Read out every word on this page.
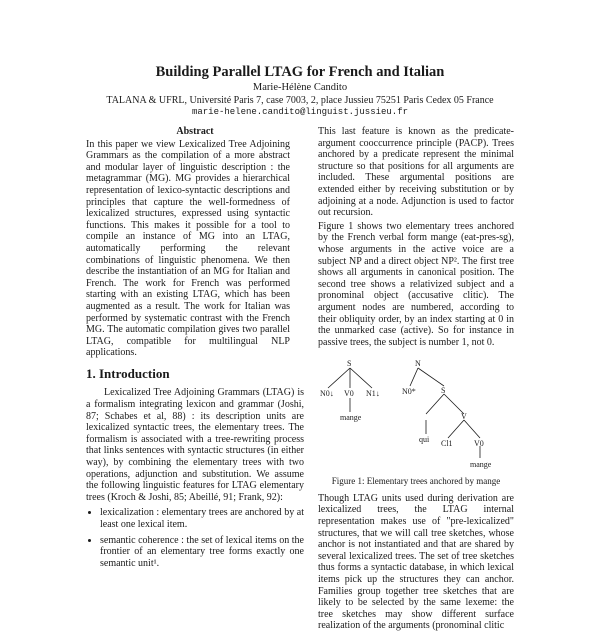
Building Parallel LTAG for French and Italian
Marie-Hélène Candito
TALANA & UFRL, Université Paris 7, case 7003, 2, place Jussieu 75251 Paris Cedex 05 France
marie-helene.candito@linguist.jussieu.fr
Abstract

In this paper we view Lexicalized Tree Adjoining Grammars as the compilation of a more abstract and modular layer of linguistic description : the metagrammar (MG). MG provides a hierarchical representation of lexico-syntactic descriptions and principles that capture the well-formedness of lexicalized structures, expressed using syntactic functions. This makes it possible for a tool to compile an instance of MG into an LTAG, automatically performing the relevant combinations of linguistic phenomena. We then describe the instantiation of an MG for Italian and French. The work for French was performed starting with an existing LTAG, which has been augmented as a result. The work for Italian was performed by systematic contrast with the French MG. The automatic compilation gives two parallel LTAG, compatible for multilingual NLP applications.

1. Introduction

Lexicalized Tree Adjoining Grammars (LTAG) is a formalism integrating lexicon and grammar (Joshi, 87; Schabes et al, 88) : its description units are lexicalized syntactic trees, the elementary trees. The formalism is associated with a tree-rewriting process that links sentences with syntactic structures (in either way), by combining the elementary trees with two operations, adjunction and substitution. We assume the following linguistic features for LTAG elementary trees (Kroch & Joshi, 85; Abeillé, 91; Frank, 92):

• lexicalization : elementary trees are anchored by at least one lexical item.
• semantic coherence : the set of lexical items on the frontier of an elementary tree forms exactly one semantic unit¹.

This last feature is known as the predicate-argument cooccurrence principle (PACP). Trees anchored by a predicate represent the minimal structure so that positions for all arguments are included. These argumental positions are extended either by receiving substitution or by adjoining at a node. Adjunction is used to factor out recursion.

Figure 1 shows two elementary trees anchored by the French verbal form mange (eat-pres-sg), whose arguments in the active voice are a subject NP and a direct object NP². The first tree shows all arguments in canonical position. The second tree shows a relativized subject and a pronominal object (accusative clitic). The argument nodes are numbered, according to their obliquity order, by an index starting at 0 in the unmarked case (active). So for instance in passive trees, the subject is number 1, not 0.

S
N0↓ V0 N1↓
mange
N
N0*	S
qui
V
Cl1	V0
mange
Figure 1: Elementary trees anchored by mange

Though LTAG units used during derivation are lexicalized trees, the LTAG internal representation makes use of "pre-lexicalized" structures, that we will call tree sketches, whose anchor is not instantiated and that are shared by several lexicalized trees. The set of tree sketches thus forms a syntactic database, in which lexical items pick up the structures they can anchor. Families group together tree sketches that are likely to be selected by the same lexeme: the tree sketches may show different surface realization of the arguments (pronominal clitic
